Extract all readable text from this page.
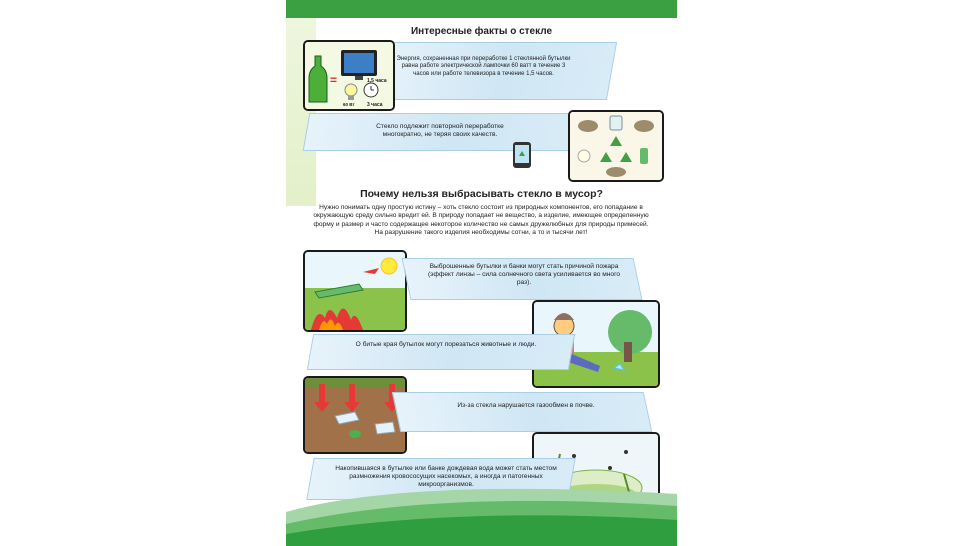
Интересные факты о стекле
=	1,5 часа
60 Вт 3 часа
Энергия, сохраненная при переработке 1 стеклянной бутылки равна работе электрической лампочки 60 ватт в течение 3 часов или работе телевизора в течение 1,5 часов.
Стекло подлежит повторной переработке многократно, не теряя своих качеств.
Почему нельзя выбрасывать стекло в мусор?
Нужно понимать одну простую истину – хоть стекло состоит из природных компонентов, его попадание в окружающую среду сильно вредит ей. В природу попадает не вещество, а изделие, имеющее определенную форму и размер и часто содержащее некоторое количество не самых дружелюбных для природы примесей. На разрушение такого изделия необходимы сотни, а то и тысячи лет!
Выброшенные бутылки и банки могут стать причиной пожара (эффект линзы – сила солнечного света усиливается во много раз).
О битые края бутылок могут порезаться животные и люди.
Из-за стекла нарушается газообмен в почве.
Накопившаяся в бутылке или банке дождевая вода может стать местом размножения кровососущих насекомых, а иногда и патогенных микроорганизмов.
